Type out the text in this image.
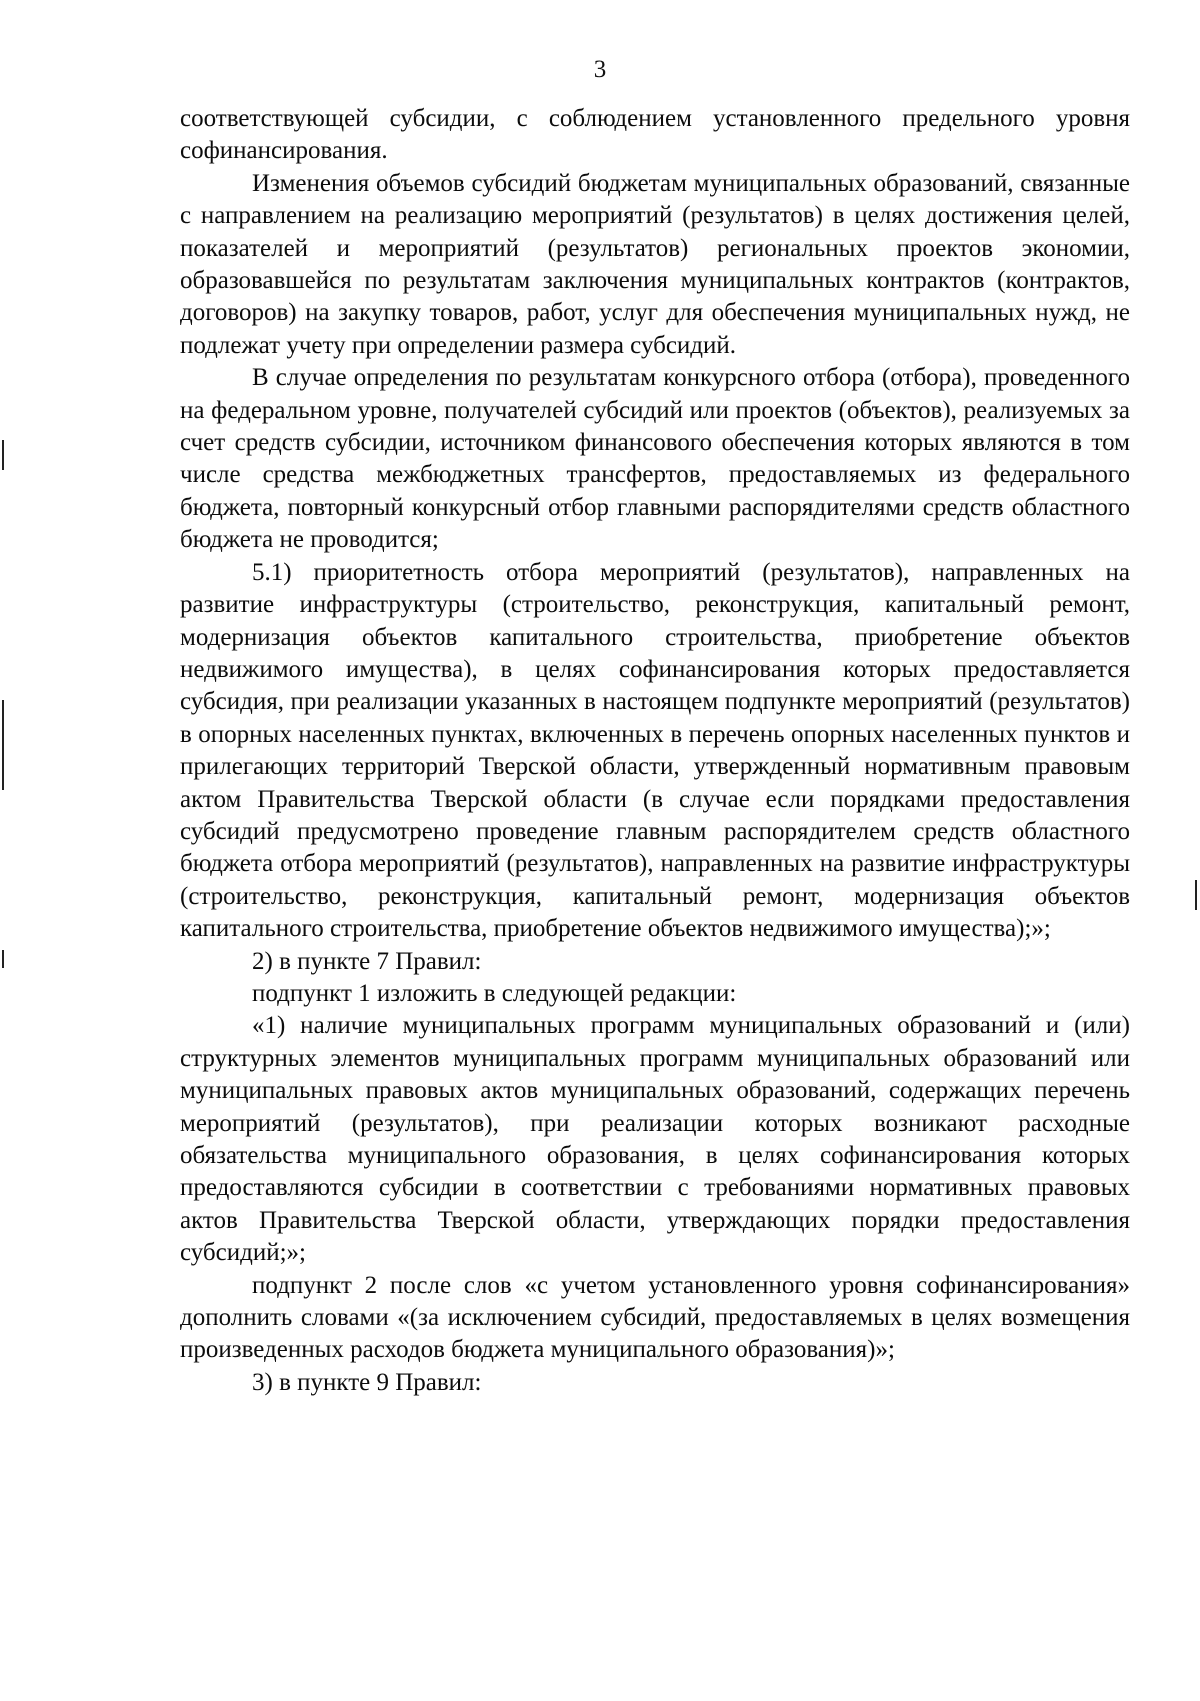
3

соответствующей субсидии, с соблюдением установленного предельного уровня софинансирования.

Изменения объемов субсидий бюджетам муниципальных образований, связанные с направлением на реализацию мероприятий (результатов) в целях достижения целей, показателей и мероприятий (результатов) региональных проектов экономии, образовавшейся по результатам заключения муниципальных контрактов (контрактов, договоров) на закупку товаров, работ, услуг для обеспечения муниципальных нужд, не подлежат учету при определении размера субсидий.

В случае определения по результатам конкурсного отбора (отбора), проведенного на федеральном уровне, получателей субсидий или проектов (объектов), реализуемых за счет средств субсидии, источником финансового обеспечения которых являются в том числе средства межбюджетных трансфертов, предоставляемых из федерального бюджета, повторный конкурсный отбор главными распорядителями средств областного бюджета не проводится;

5.1) приоритетность отбора мероприятий (результатов), направленных на развитие инфраструктуры (строительство, реконструкция, капитальный ремонт, модернизация объектов капитального строительства, приобретение объектов недвижимого имущества), в целях софинансирования которых предоставляется субсидия, при реализации указанных в настоящем подпункте мероприятий (результатов) в опорных населенных пунктах, включенных в перечень опорных населенных пунктов и прилегающих территорий Тверской области, утвержденный нормативным правовым актом Правительства Тверской области (в случае если порядками предоставления субсидий предусмотрено проведение главным распорядителем средств областного бюджета отбора мероприятий (результатов), направленных на развитие инфраструктуры (строительство, реконструкция, капитальный ремонт, модернизация объектов капитального строительства, приобретение объектов недвижимого имущества);»;

2) в пункте 7 Правил:

подпункт 1 изложить в следующей редакции:

«1) наличие муниципальных программ муниципальных образований и (или) структурных элементов муниципальных программ муниципальных образований или муниципальных правовых актов муниципальных образований, содержащих перечень мероприятий (результатов), при реализации которых возникают расходные обязательства муниципального образования, в целях софинансирования которых предоставляются субсидии в соответствии с требованиями нормативных правовых актов Правительства Тверской области, утверждающих порядки предоставления субсидий;»;

подпункт 2 после слов «с учетом установленного уровня софинансирования» дополнить словами «(за исключением субсидий, предоставляемых в целях возмещения произведенных расходов бюджета муниципального образования)»;

3) в пункте 9 Правил:
